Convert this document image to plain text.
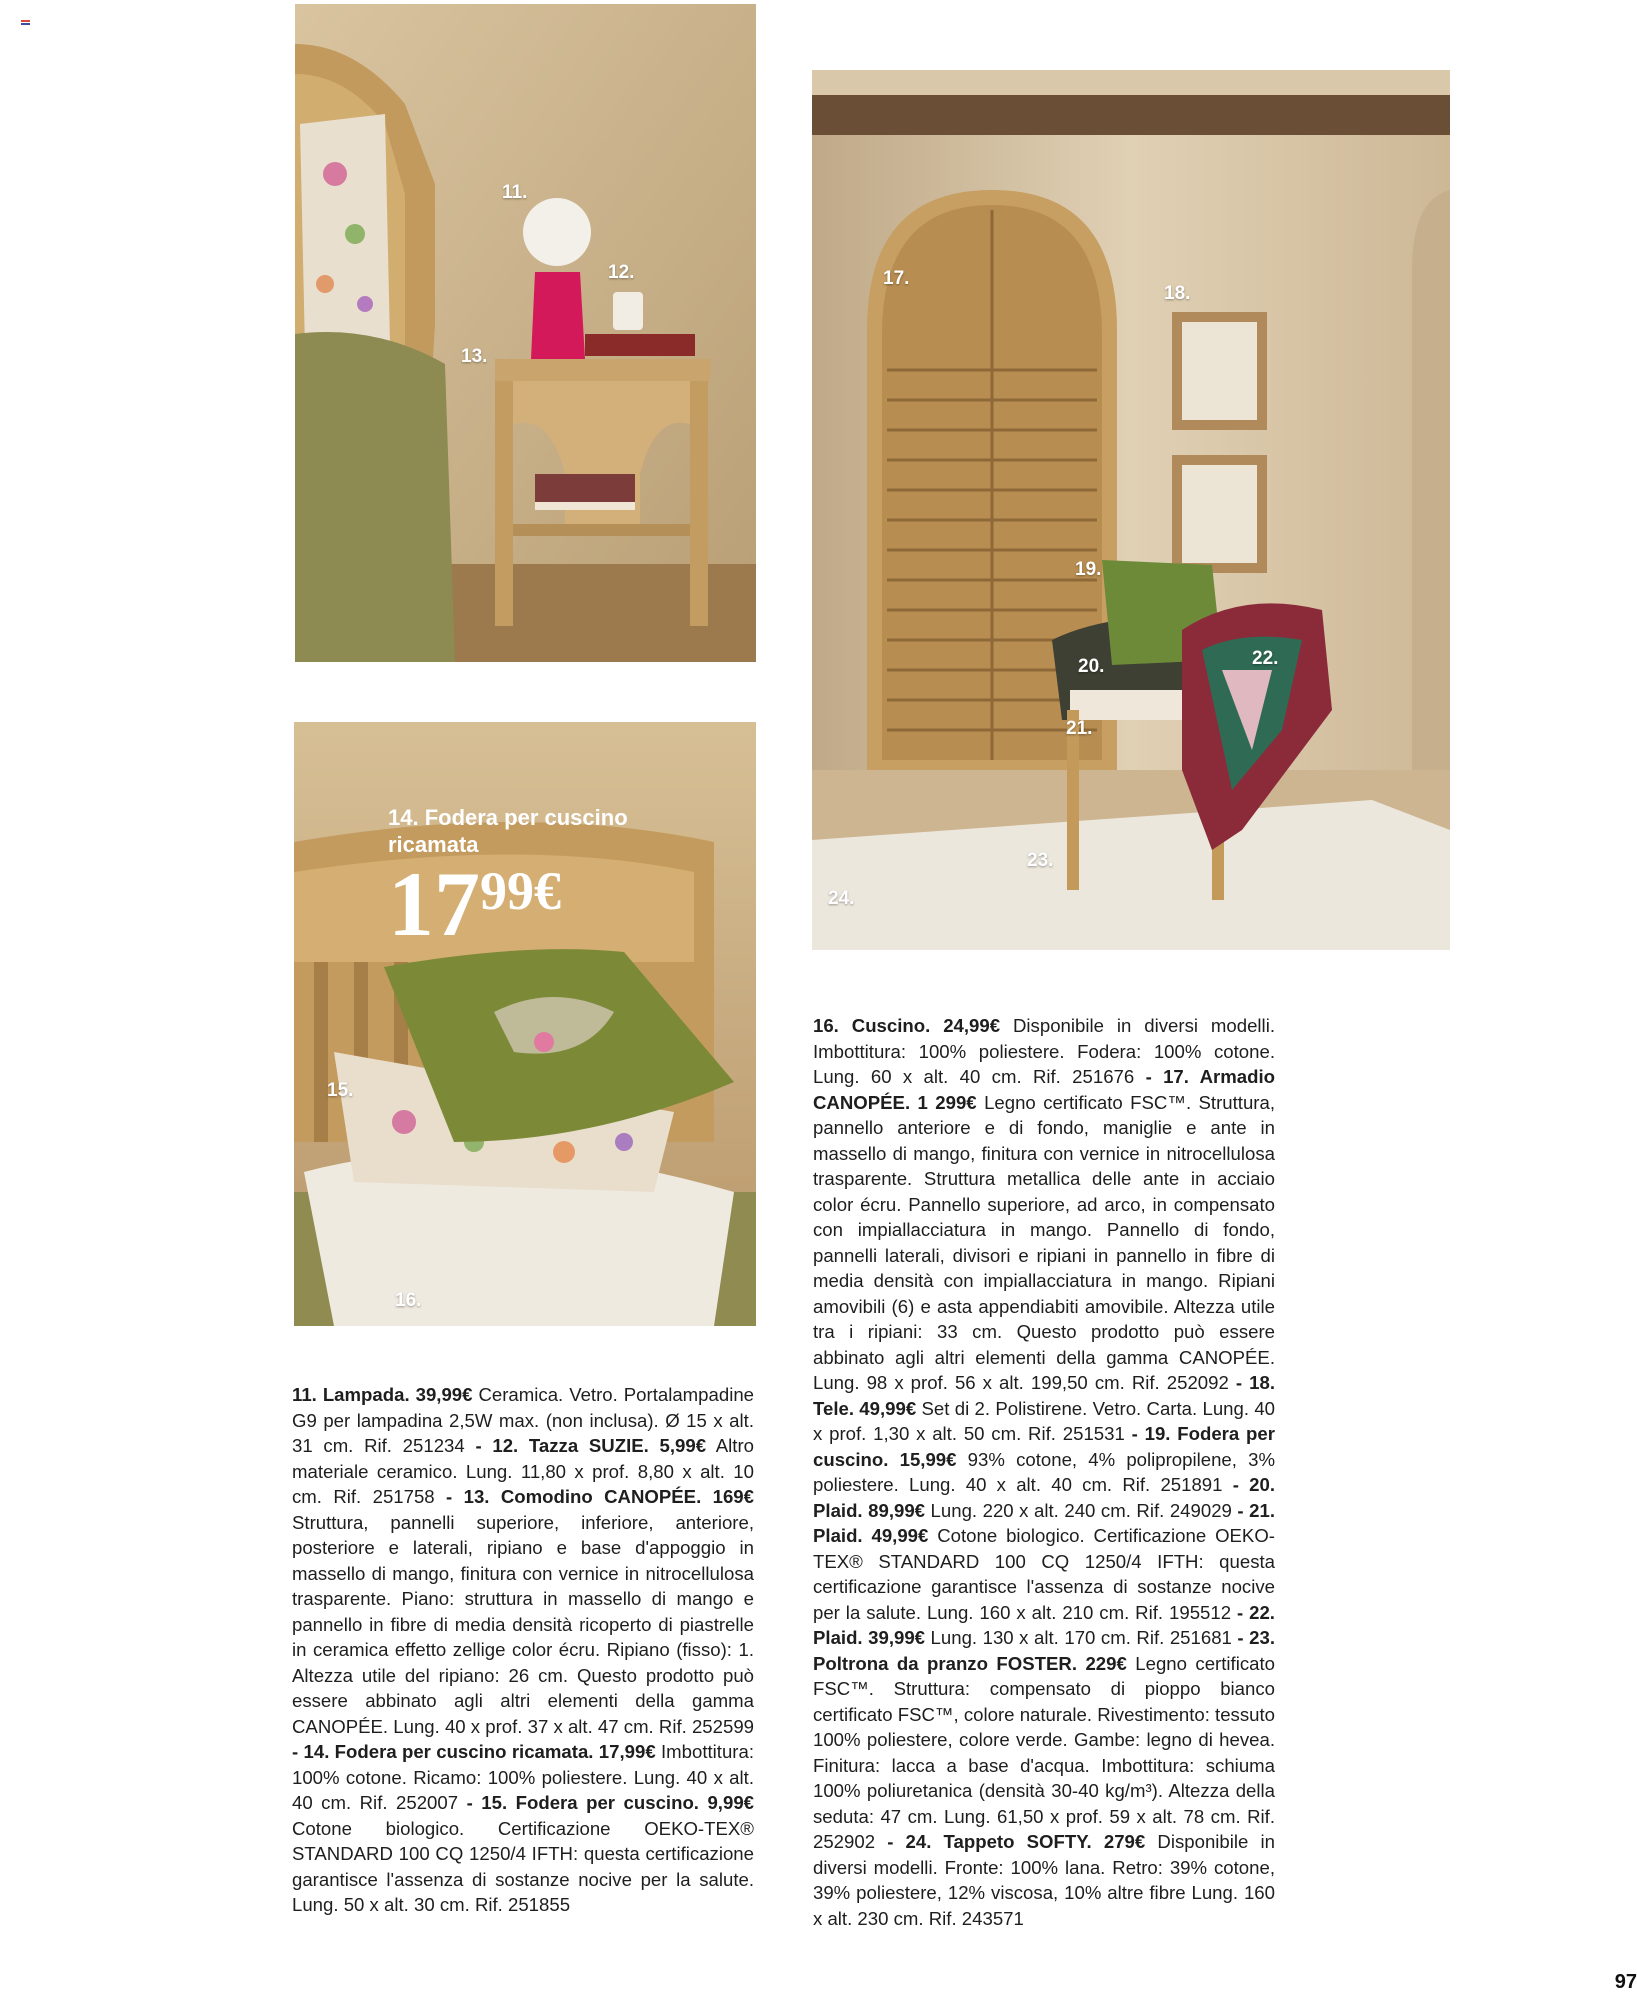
11.
12.
13.
14. Fodera per cuscino ricamata
1799€
15.
16.
17.
18.
19.
20.
21.
22.
23.
24.
11. Lampada. 39,99€ Ceramica. Vetro. Portalampadine G9 per lampadina 2,5W max. (non inclusa). Ø 15 x alt. 31 cm. Rif. 251234 - 12. Tazza SUZIE. 5,99€ Altro materiale ceramico. Lung. 11,80 x prof. 8,80 x alt. 10 cm. Rif. 251758 - 13. Comodino CANOPÉE. 169€ Struttura, pannelli superiore, inferiore, anteriore, posteriore e laterali, ripiano e base d'appoggio in massello di mango, finitura con vernice in nitrocellulosa trasparente. Piano: struttura in massello di mango e pannello in fibre di media densità ricoperto di piastrelle in ceramica effetto zellige color écru. Ripiano (fisso): 1. Altezza utile del ripiano: 26 cm. Questo prodotto può essere abbinato agli altri elementi della gamma CANOPÉE. Lung. 40 x prof. 37 x alt. 47 cm. Rif. 252599 - 14. Fodera per cuscino ricamata. 17,99€ Imbottitura: 100% cotone. Ricamo: 100% poliestere. Lung. 40 x alt. 40 cm. Rif. 252007 - 15. Fodera per cuscino. 9,99€ Cotone biologico. Certificazione OEKO-TEX® STANDARD 100 CQ 1250/4 IFTH: questa certificazione garantisce l'assenza di sostanze nocive per la salute. Lung. 50 x alt. 30 cm. Rif. 251855
16. Cuscino. 24,99€ Disponibile in diversi modelli. Imbottitura: 100% poliestere. Fodera: 100% cotone. Lung. 60 x alt. 40 cm. Rif. 251676 - 17. Armadio CANOPÉE. 1 299€ Legno certificato FSC™. Struttura, pannello anteriore e di fondo, maniglie e ante in massello di mango, finitura con vernice in nitrocellulosa trasparente. Struttura metallica delle ante in acciaio color écru. Pannello superiore, ad arco, in compensato con impiallacciatura in mango. Pannello di fondo, pannelli laterali, divisori e ripiani in pannello in fibre di media densità con impiallacciatura in mango. Ripiani amovibili (6) e asta appendiabiti amovibile. Altezza utile tra i ripiani: 33 cm. Questo prodotto può essere abbinato agli altri elementi della gamma CANOPÉE. Lung. 98 x prof. 56 x alt. 199,50 cm. Rif. 252092 - 18. Tele. 49,99€ Set di 2. Polistirene. Vetro. Carta. Lung. 40 x prof. 1,30 x alt. 50 cm. Rif. 251531 - 19. Fodera per cuscino. 15,99€ 93% cotone, 4% polipropilene, 3% poliestere. Lung. 40 x alt. 40 cm. Rif. 251891 - 20. Plaid. 89,99€ Lung. 220 x alt. 240 cm. Rif. 249029 - 21. Plaid. 49,99€ Cotone biologico. Certificazione OEKO-TEX® STANDARD 100 CQ 1250/4 IFTH: questa certificazione garantisce l'assenza di sostanze nocive per la salute. Lung. 160 x alt. 210 cm. Rif. 195512 - 22. Plaid. 39,99€ Lung. 130 x alt. 170 cm. Rif. 251681 - 23. Poltrona da pranzo FOSTER. 229€ Legno certificato FSC™. Struttura: compensato di pioppo bianco certificato FSC™, colore naturale. Rivestimento: tessuto 100% poliestere, colore verde. Gambe: legno di hevea. Finitura: lacca a base d'acqua. Imbottitura: schiuma 100% poliuretanica (densità 30-40 kg/m³). Altezza della seduta: 47 cm. Lung. 61,50 x prof. 59 x alt. 78 cm. Rif. 252902 - 24. Tappeto SOFTY. 279€ Disponibile in diversi modelli. Fronte: 100% lana. Retro: 39% cotone, 39% poliestere, 12% viscosa, 10% altre fibre Lung. 160 x alt. 230 cm. Rif. 243571
97
